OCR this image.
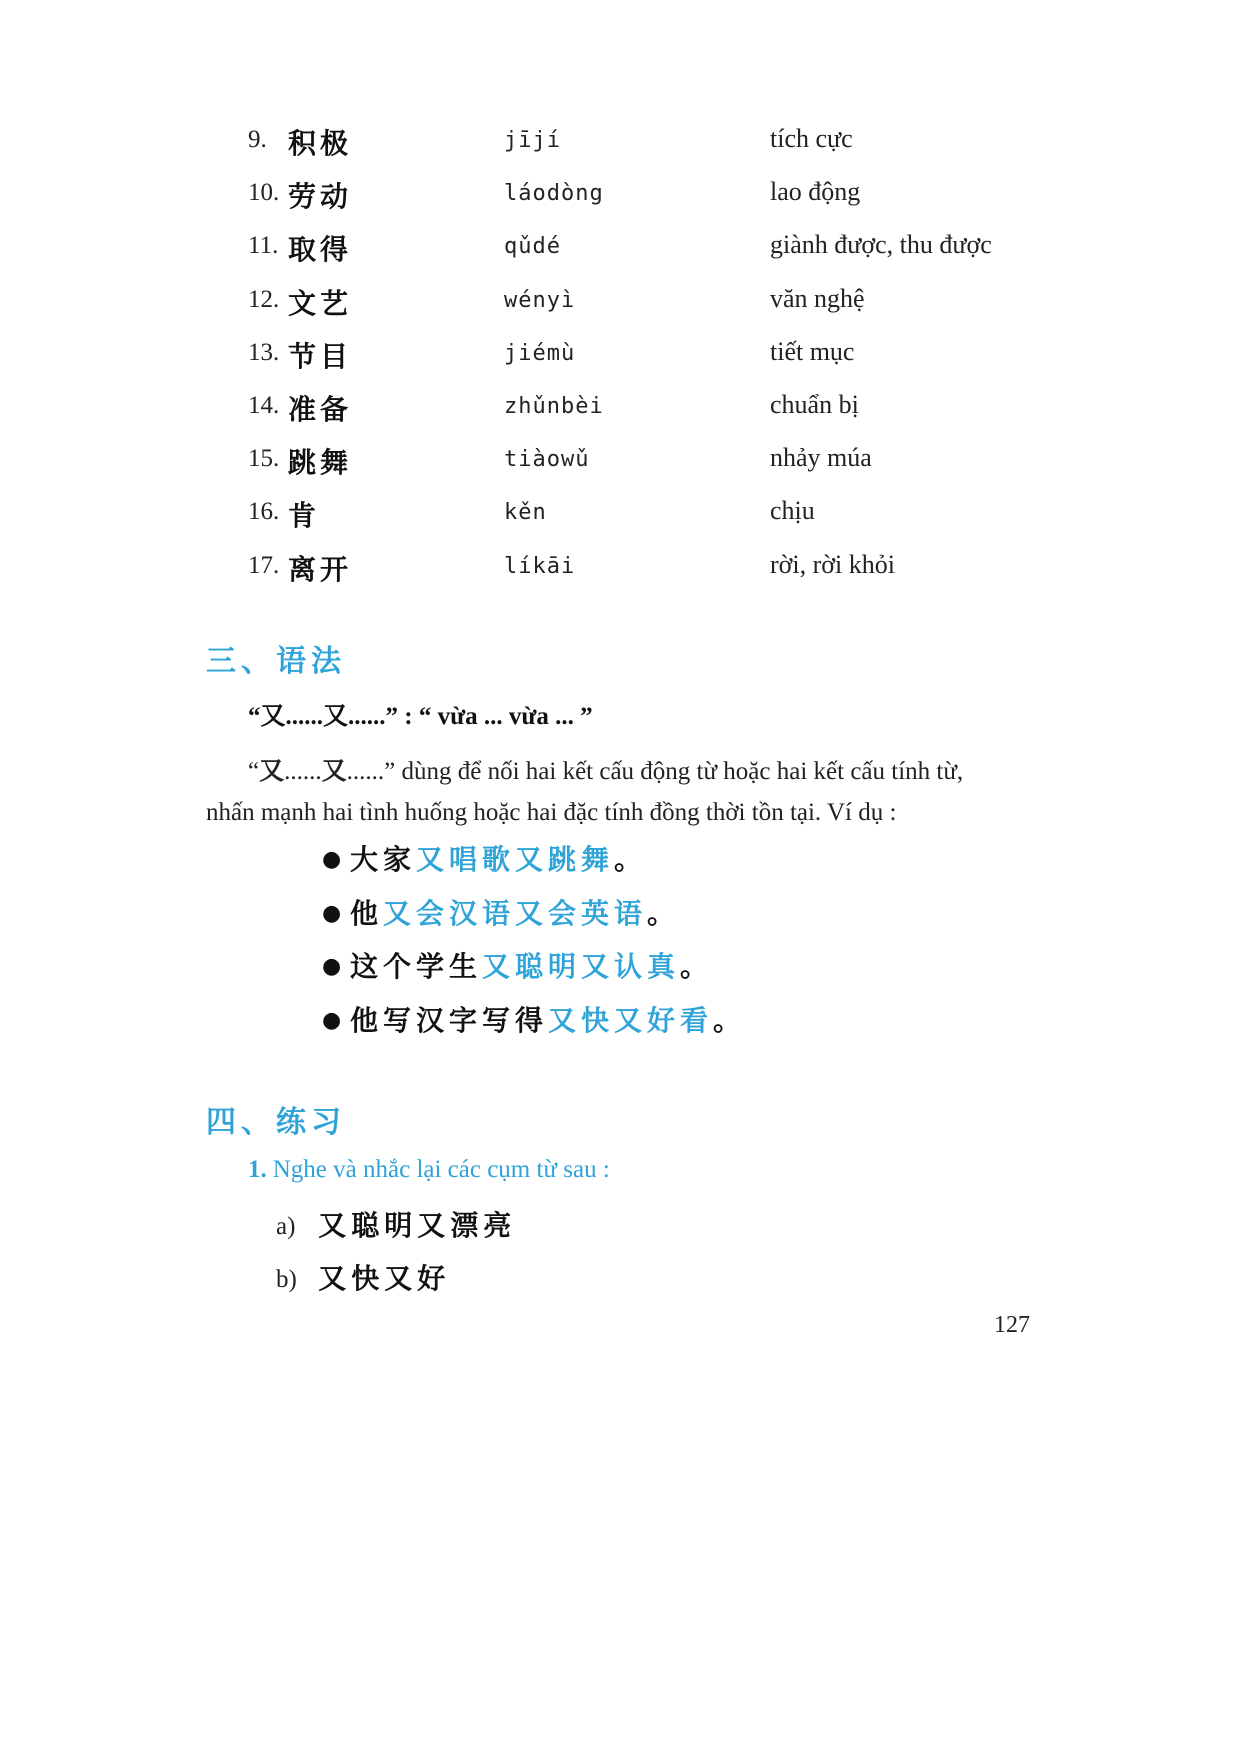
9. 积极	jījí	tích cực
10. 劳动	láodòng	lao động
11. 取得	qǔdé	giành được, thu được
12. 文艺	wényì	văn nghệ
13. 节目	jiémù	tiết mục
14. 准备	zhǔnbèi	chuẩn bị
15. 跳舞	tiàowǔ	nhảy múa
16. 肯	kěn	chịu
17. 离开	líkāi	rời, rời khỏi
三、语法
“又......又......” : “ vừa ... vừa ... ”
“又......又......” dùng để nối hai kết cấu động từ hoặc hai kết cấu tính từ,
nhấn mạnh hai tình huống hoặc hai đặc tính đồng thời tồn tại. Ví dụ :
● 大家又唱歌又跳舞。
● 他又会汉语又会英语。
● 这个学生又聪明又认真。
● 他写汉字写得又快又好看。
四、练习
1. Nghe và nhắc lại các cụm từ sau :
a) 又聪明又漂亮
b) 又快又好
127
